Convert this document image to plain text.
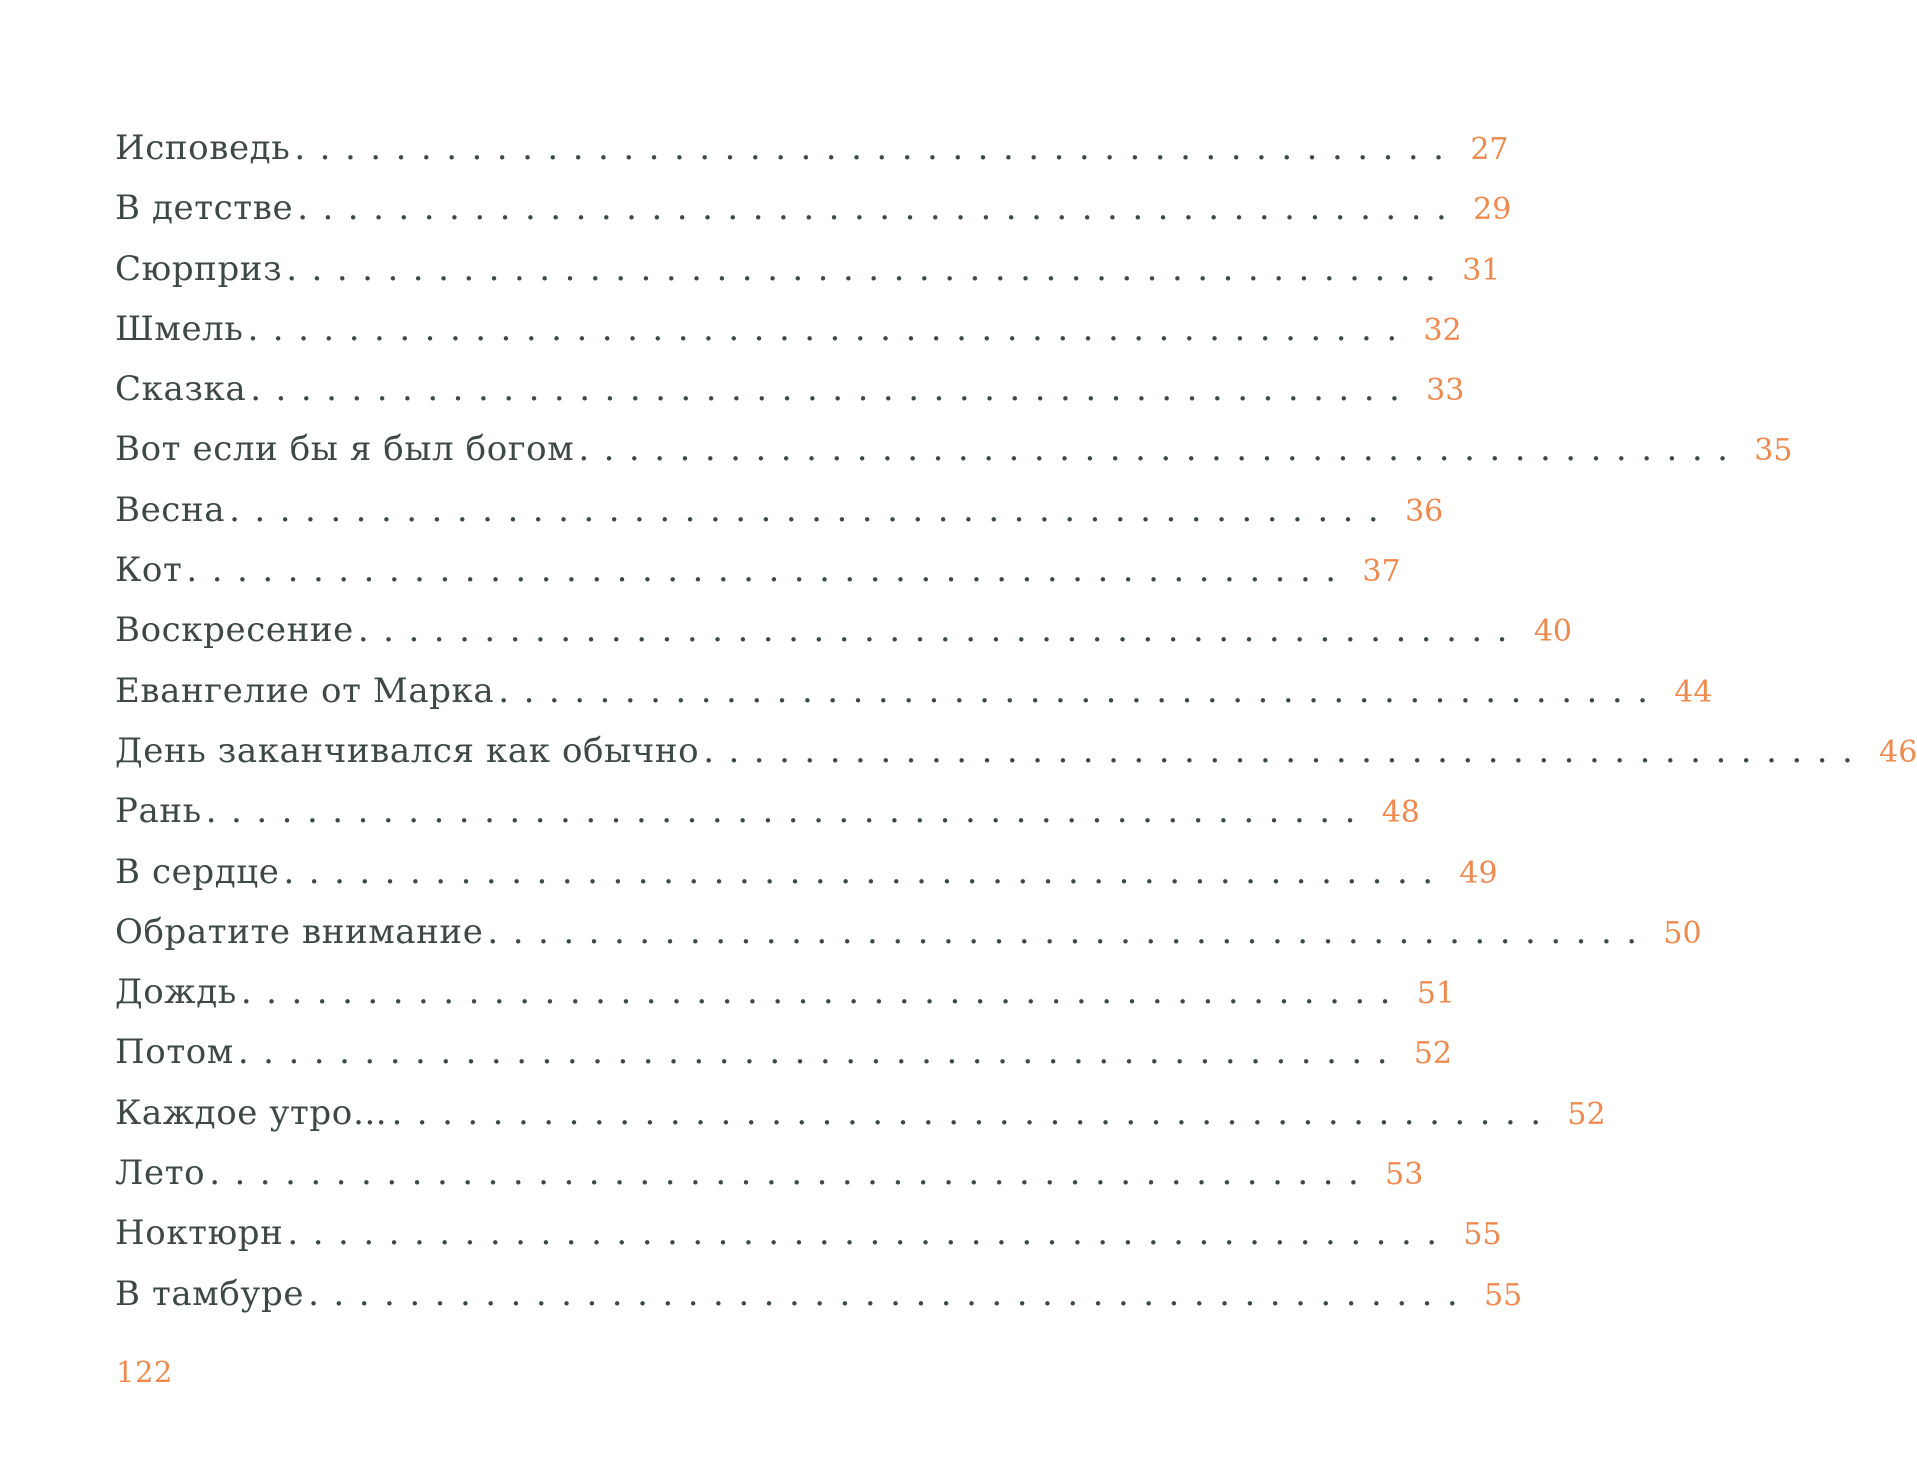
Исповедь .............................................. 27
В детстве .............................................. 29
Сюрприз .............................................. 31
Шмель .............................................. 32
Сказка .............................................. 33
Вот если бы я был богом .............................................. 35
Весна .............................................. 36
Кот .............................................. 37
Воскресение .............................................. 40
Евангелие от Марка .............................................. 44
День заканчивался как обычно .............................................. 46
Рань .............................................. 48
В сердце .............................................. 49
Обратите внимание .............................................. 50
Дождь .............................................. 51
Потом .............................................. 52
Каждое утро… .............................................. 52
Лето .............................................. 53
Ноктюрн .............................................. 55
В тамбуре .............................................. 55
122
